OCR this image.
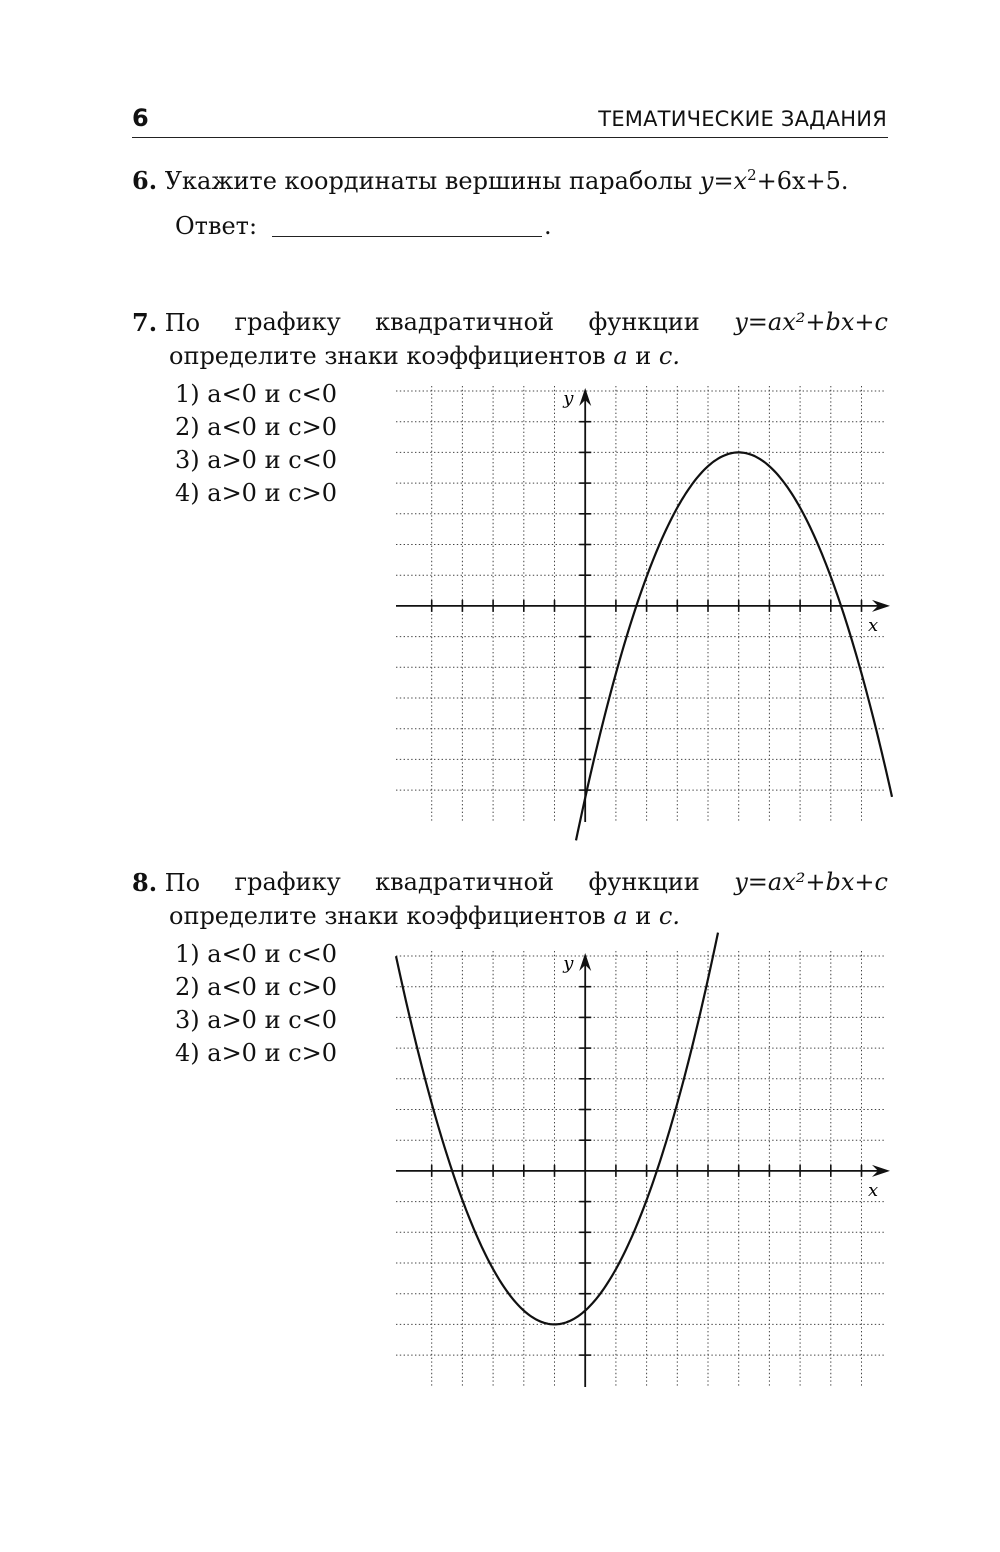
6	ТЕМАТИЧЕСКИЕ ЗАДАНИЯ
6. Укажите координаты вершины параболы $y=x^2+6x+5$.
Ответ:	.
7. По графику квадратичной функции y=ax²+bx+c
определите знаки коэффициентов a и c.
1) a<0 и c<0
2) a<0 и c>0
3) a>0 и c<0
4) a>0 и c>0
y
x
8. По графику квадратичной функции y=ax²+bx+c
определите знаки коэффициентов a и c.
1) a<0 и c<0
2) a<0 и c>0
3) a>0 и c<0
4) a>0 и c>0
y
x
